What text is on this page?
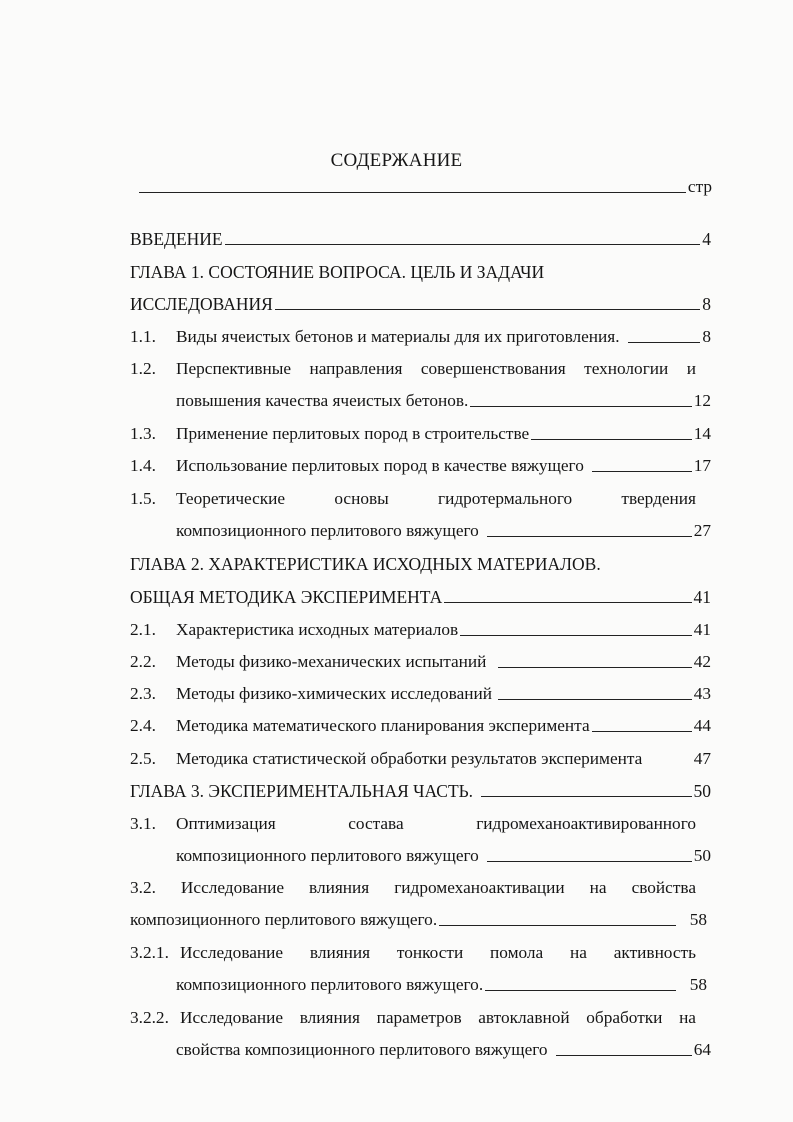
СОДЕРЖАНИЕ
стр
ВВЕДЕНИЕ	4
ГЛАВА 1. СОСТОЯНИЕ ВОПРОСА. ЦЕЛЬ И ЗАДАЧИ
ИССЛЕДОВАНИЯ	8
1.1. Виды ячеистых бетонов и материалы для их приготовления.	8
1.2. Перспективные направления совершенствования технологии и
повышения качества ячеистых бетонов.	12
1.3. Применение перлитовых пород в строительстве	14
1.4. Использование перлитовых пород в качестве вяжущего	17
1.5. Теоретические	основы	гидротермального	твердения
композиционного перлитового вяжущего	27
ГЛАВА 2. ХАРАКТЕРИСТИКА ИСХОДНЫХ МАТЕРИАЛОВ.
ОБЩАЯ МЕТОДИКА ЭКСПЕРИМЕНТА	41
2.1. Характеристика исходных материалов	41
2.2. Методы физико-механических испытаний	42
2.3. Методы физико-химических исследований	43
2.4. Методика математического планирования эксперимента	44
2.5. Методика статистической обработки результатов эксперимента	47
ГЛАВА 3. ЭКСПЕРИМЕНТАЛЬНАЯ ЧАСТЬ.	50
3.1. Оптимизация	состава	гидромеханоактивированного
композиционного перлитового вяжущего	50
3.2. Исследование влияния гидромеханоактивации на свойства
композиционного перлитового вяжущего.	58
3.2.1. Исследование влияния тонкости помола на активность
композиционного перлитового вяжущего.	58
3.2.2. Исследование влияния параметров автоклавной обработки на
свойства композиционного перлитового вяжущего	64
